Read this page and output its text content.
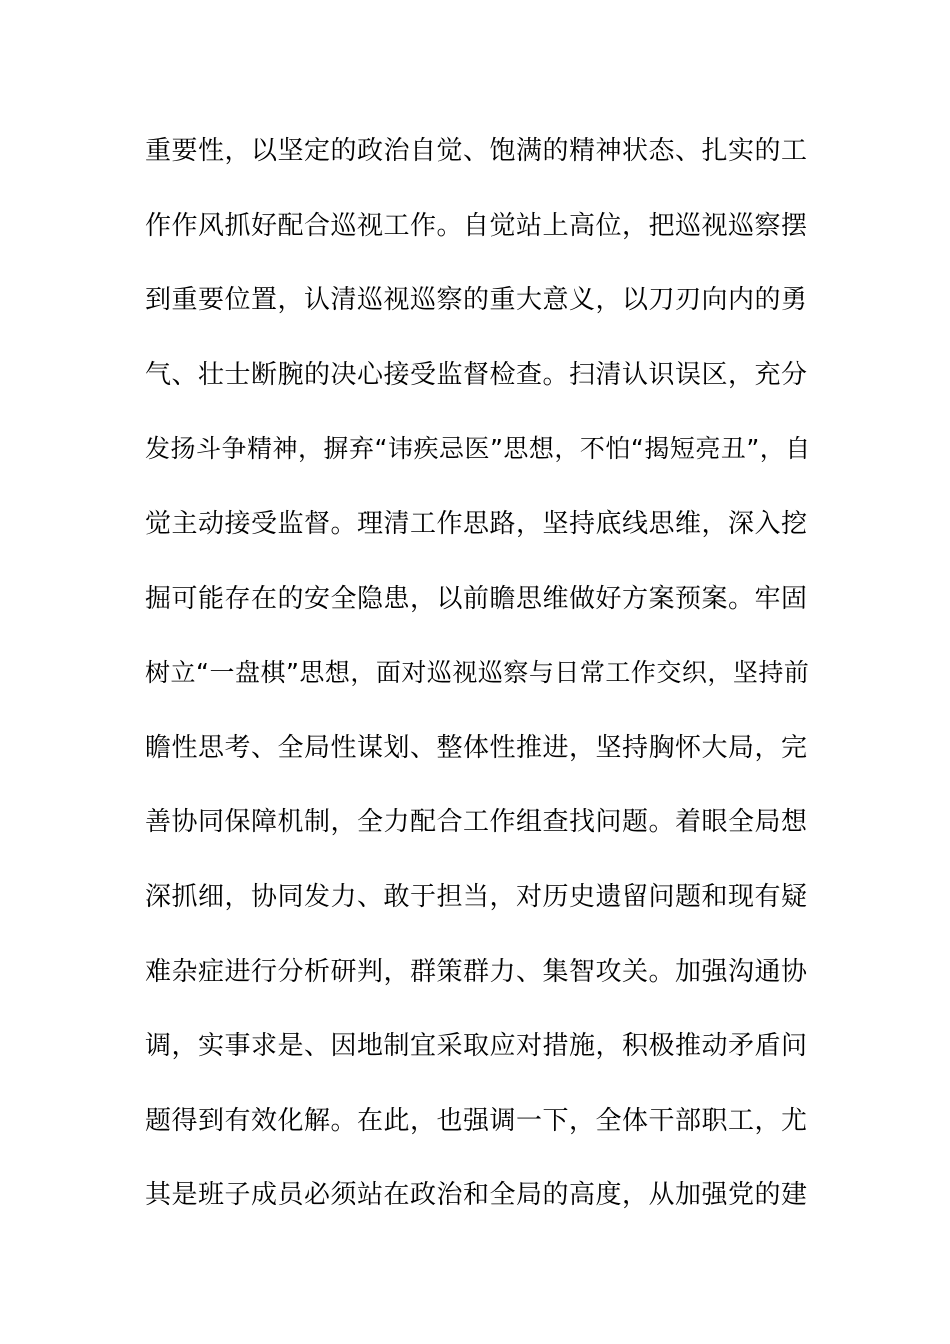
重要性，以坚定的政治自觉、饱满的精神状态、扎实的工
作作风抓好配合巡视工作。自觉站上高位，把巡视巡察摆
到重要位置，认清巡视巡察的重大意义，以刀刃向内的勇
气、壮士断腕的决心接受监督检查。扫清认识误区，充分
发扬斗争精神，摒弃“讳疾忌医”思想，不怕“揭短亮丑”，自
觉主动接受监督。理清工作思路，坚持底线思维，深入挖
掘可能存在的安全隐患，以前瞻思维做好方案预案。牢固
树立“一盘棋”思想，面对巡视巡察与日常工作交织，坚持前
瞻性思考、全局性谋划、整体性推进，坚持胸怀大局，完
善协同保障机制，全力配合工作组查找问题。着眼全局想
深抓细，协同发力、敢于担当，对历史遗留问题和现有疑
难杂症进行分析研判，群策群力、集智攻关。加强沟通协
调，实事求是、因地制宜采取应对措施，积极推动矛盾问
题得到有效化解。在此，也强调一下，全体干部职工，尤
其是班子成员必须站在政治和全局的高度，从加强党的建
